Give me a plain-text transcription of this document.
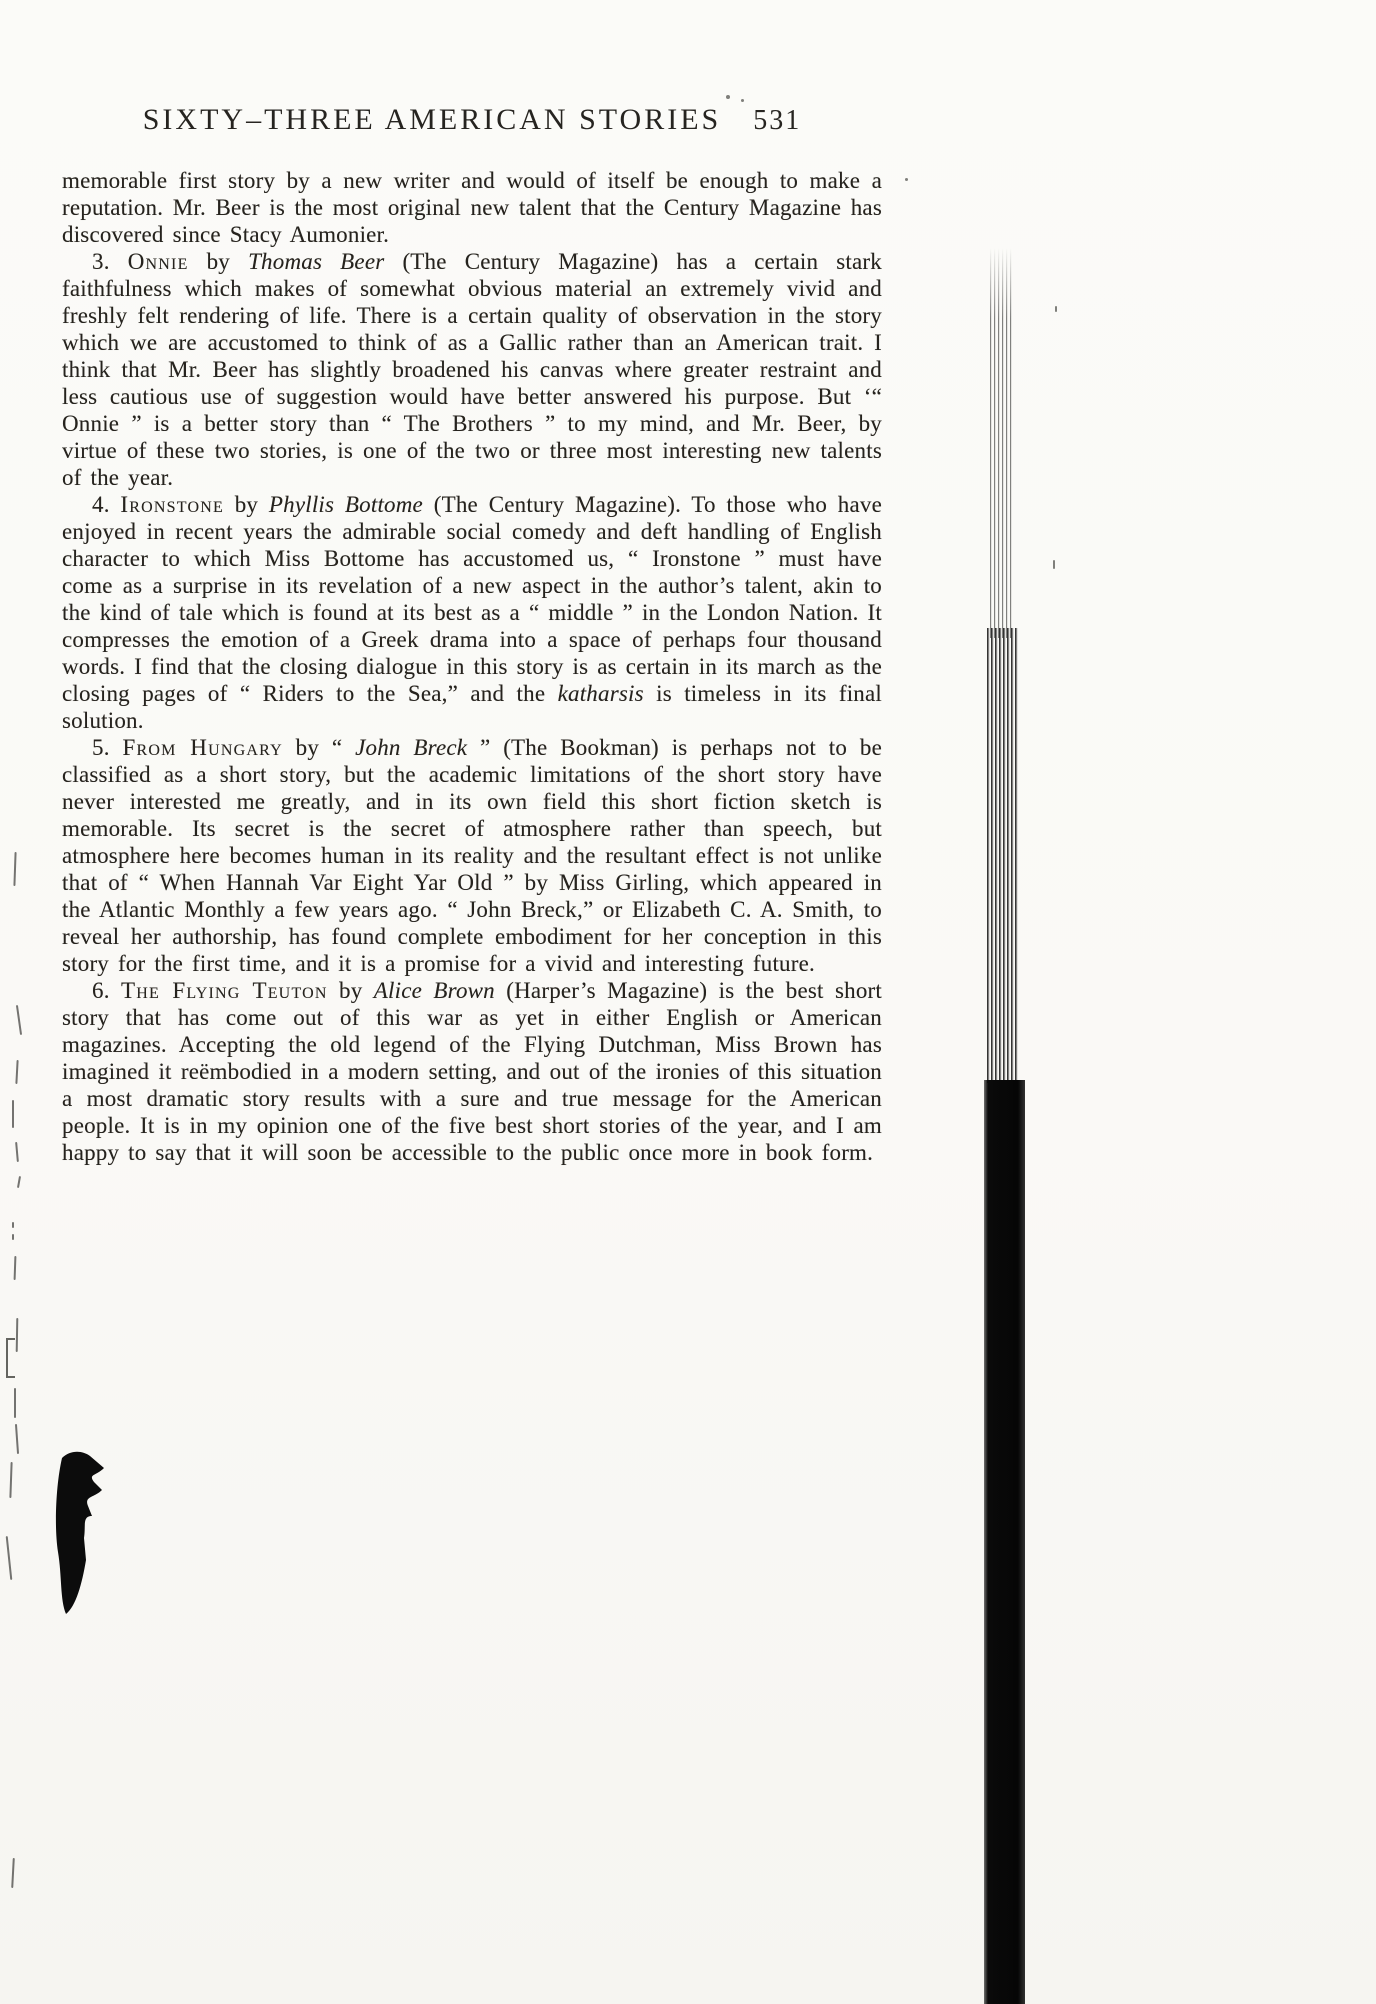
SIXTY–THREE AMERICAN STORIES 531

memorable first story by a new writer and would of itself be enough to make a reputation. Mr. Beer is the most original new talent that the Century Magazine has discovered since Stacy Aumonier.

3. Onnie by Thomas Beer (The Century Magazine) has a certain stark faithfulness which makes of somewhat obvious material an extremely vivid and freshly felt rendering of life. There is a certain quality of observation in the story which we are accustomed to think of as a Gallic rather than an American trait. I think that Mr. Beer has slightly broadened his canvas where greater restraint and less cautious use of suggestion would have better answered his purpose. But ‘“ Onnie ” is a better story than “ The Brothers ” to my mind, and Mr. Beer, by virtue of these two stories, is one of the two or three most interesting new talents of the year.

4. Ironstone by Phyllis Bottome (The Century Magazine). To those who have enjoyed in recent years the admirable social comedy and deft handling of English character to which Miss Bottome has accustomed us, “ Ironstone ” must have come as a surprise in its revelation of a new aspect in the author’s talent, akin to the kind of tale which is found at its best as a “ middle ” in the London Nation. It compresses the emotion of a Greek drama into a space of perhaps four thousand words. I find that the closing dialogue in this story is as certain in its march as the closing pages of “ Riders to the Sea,” and the katharsis is timeless in its final solution.

5. From Hungary by “ John Breck ” (The Bookman) is perhaps not to be classified as a short story, but the academic limitations of the short story have never interested me greatly, and in its own field this short fiction sketch is memorable. Its secret is the secret of atmosphere rather than speech, but atmosphere here becomes human in its reality and the resultant effect is not unlike that of “ When Hannah Var Eight Yar Old ” by Miss Girling, which appeared in the Atlantic Monthly a few years ago. “ John Breck,” or Elizabeth C. A. Smith, to reveal her authorship, has found complete embodiment for her conception in this story for the first time, and it is a promise for a vivid and interesting future.

6. The Flying Teuton by Alice Brown (Harper’s Magazine) is the best short story that has come out of this war as yet in either English or American magazines. Accepting the old legend of the Flying Dutchman, Miss Brown has imagined it reëmbodied in a modern setting, and out of the ironies of this situation a most dramatic story results with a sure and true message for the American people. It is in my opinion one of the five best short stories of the year, and I am happy to say that it will soon be accessible to the public once more in book form.
